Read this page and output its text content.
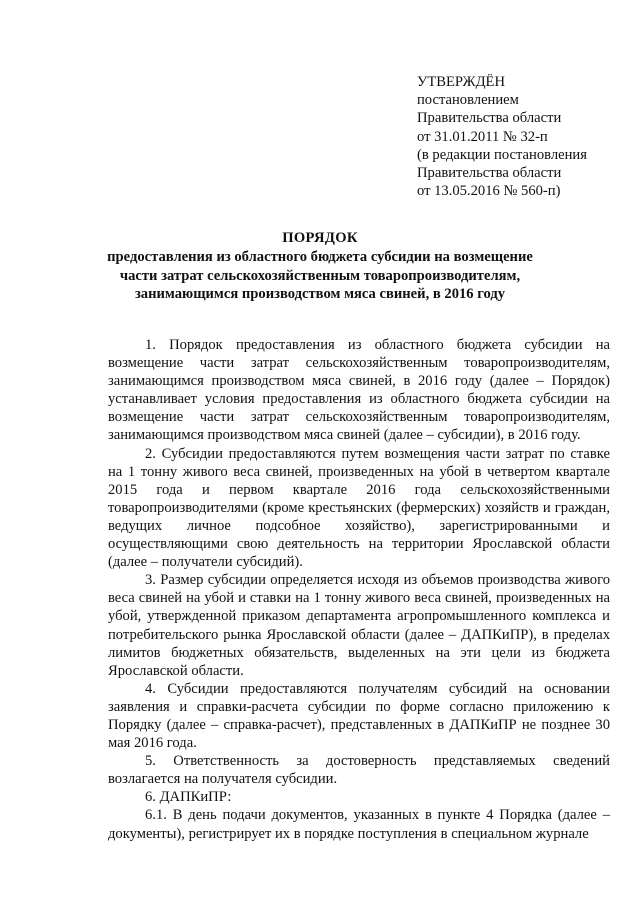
УТВЕРЖДЁН
постановлением
Правительства области
от 31.01.2011 № 32-п
(в редакции постановления
Правительства области
от 13.05.2016 № 560-п)
ПОРЯДОК
предоставления из областного бюджета субсидии на возмещение части затрат сельскохозяйственным товаропроизводителям, занимающимся производством мяса свиней, в 2016 году

1. Порядок предоставления из областного бюджета субсидии на возмещение части затрат сельскохозяйственным товаропроизводителям, занимающимся производством мяса свиней, в 2016 году (далее – Порядок) устанавливает условия предоставления из областного бюджета субсидии на возмещение части затрат сельскохозяйственным товаропроизводителям, занимающимся производством мяса свиней (далее – субсидии), в 2016 году.

2. Субсидии предоставляются путем возмещения части затрат по ставке на 1 тонну живого веса свиней, произведенных на убой в четвертом квартале 2015 года и первом квартале 2016 года сельскохозяйственными товаропроизводителями (кроме крестьянских (фермерских) хозяйств и граждан, ведущих личное подсобное хозяйство), зарегистрированными и осуществляющими свою деятельность на территории Ярославской области (далее – получатели субсидий).

3. Размер субсидии определяется исходя из объемов производства живого веса свиней на убой и ставки на 1 тонну живого веса свиней, произведенных на убой, утвержденной приказом департамента агропромышленного комплекса и потребительского рынка Ярославской области (далее – ДАПКиПР), в пределах лимитов бюджетных обязательств, выделенных на эти цели из бюджета Ярославской области.

4. Субсидии предоставляются получателям субсидий на основании заявления и справки-расчета субсидии по форме согласно приложению к Порядку (далее – справка-расчет), представленных в ДАПКиПР не позднее 30 мая 2016 года.

5. Ответственность за достоверность представляемых сведений возлагается на получателя субсидии.

6. ДАПКиПР:

6.1. В день подачи документов, указанных в пункте 4 Порядка (далее – документы), регистрирует их в порядке поступления в специальном журнале
